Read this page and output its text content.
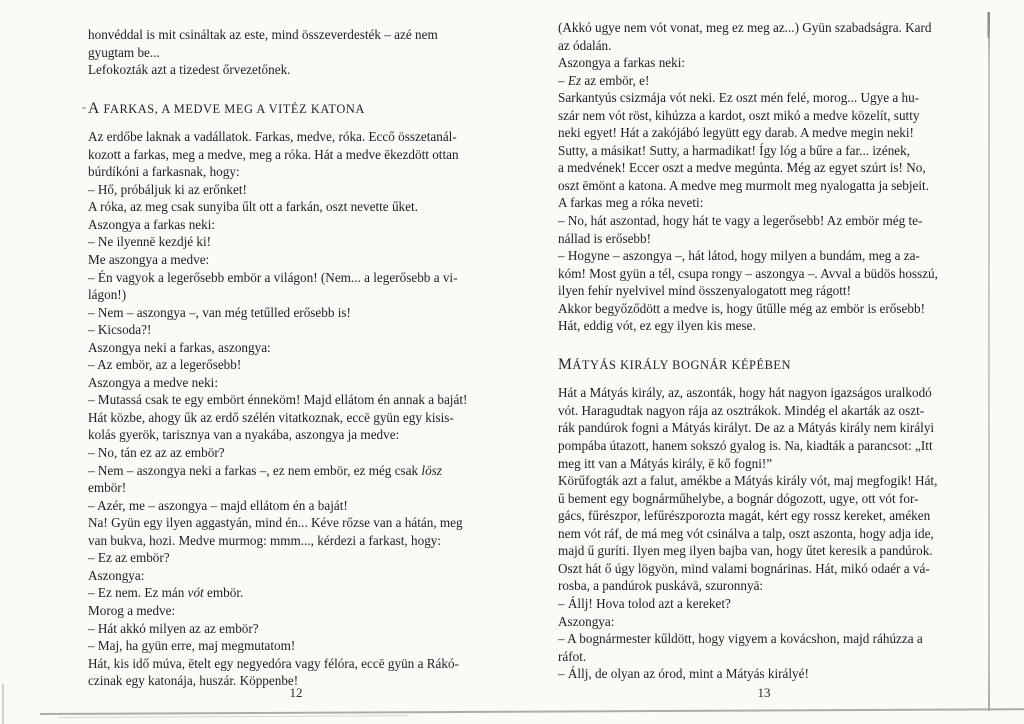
honvéddal is mit csináltak az este, mind összeverdesték – azé nem
gyugtam be...
Lefokozták azt a tizedest őrvezetőnek.
A FARKAS, A MEDVE MEG A VITÉZ KATONA
Az erdőbe laknak a vadállatok. Farkas, medve, róka. Eccő összetanál-
kozott a farkas, meg a medve, meg a róka. Hát a medve ēkezdött ottan
búrdíkóni a farkasnak, hogy:
– Hő, próbáljuk ki az erőnket!
A róka, az meg csak sunyiba űlt ott a farkán, oszt nevette űket.
Aszongya a farkas neki:
– Ne ilyennē kezdjé ki!
Me aszongya a medve:
– Én vagyok a legerősebb embör a világon! (Nem... a legerősebb a vi-
lágon!)
– Nem – aszongya –, van még tetűlled erősebb is!
– Kicsoda?!
Aszongya neki a farkas, aszongya:
– Az embör, az a legerősebb!
Aszongya a medve neki:
– Mutassá csak te egy embört énneköm! Majd ellátom én annak a baját!
Hát közbe, ahogy űk az erdő szélén vitatkoznak, eccē gyün egy kisis-
kolás gyerök, tarisznya van a nyakába, aszongya ja medve:
– No, tán ez az az embör?
– Nem – aszongya neki a farkas –, ez nem embör, ez még csak lösz
embör!
– Azér, me – aszongya – majd ellátom én a baját!
Na! Gyün egy ilyen aggastyán, mind én... Kéve rőzse van a hátán, meg
van bukva, hozi. Medve murmog: mmm..., kérdezi a farkast, hogy:
– Ez az embör?
Aszongya:
– Ez nem. Ez mán vót embör.
Morog a medve:
– Hát akkó milyen az az embör?
– Maj, ha gyün erre, maj megmutatom!
Hát, kis idő múva, ētelt egy negyedóra vagy félóra, eccē gyün a Rákó-
czinak egy katonája, huszár. Köppenbe!
12
(Akkó ugye nem vót vonat, meg ez meg az...) Gyün szabadságra. Kard
az ódalán.
Aszongya a farkas neki:
– Ez az embör, e!
Sarkantyús csizmája vót neki. Ez oszt mén felé, morog... Ugye a hu-
szár nem vót röst, kihúzza a kardot, oszt mikó a medve közelít, sutty
neki egyet! Hát a zakójábó legyütt egy darab. A medve megin neki!
Sutty, a másikat! Sutty, a harmadikat! Így lóg a bűre a far... izének,
a medvének! Eccer oszt a medve megúnta. Még az egyet szúrt is! No,
oszt ēmönt a katona. A medve meg murmolt meg nyalogatta ja sebjeit.
A farkas meg a róka neveti:
– No, hát aszontad, hogy hát te vagy a legerősebb! Az embör még te-
nállad is erősebb!
– Hogyne – aszongya –, hát látod, hogy milyen a bundám, meg a za-
kóm! Most gyün a tél, csupa rongy – aszongya –. Avval a büdös hosszú,
ilyen fehír nyelvivel mind összenyalogatott meg rágott!
Akkor begyőződött a medve is, hogy űtűlle még az embör is erősebb!
Hát, eddig vót, ez egy ilyen kis mese.
MÁTYÁS KIRÁLY BOGNÁR KÉPÉBEN
Hát a Mátyás király, az, aszonták, hogy hát nagyon igazságos uralkodó
vót. Haragudtak nagyon rája az osztrákok. Mindég el akarták az oszt-
rák pandúrok fogni a Mátyás királyt. De az a Mátyás király nem királyi
pompába útazott, hanem sokszó gyalog is. Na, kiadták a parancsot: „Itt
meg itt van a Mátyás király, ē kő fogni!”
Körűfogták azt a falut, amékbe a Mátyás király vót, maj megfogik! Hát,
ű bement egy bognárműhelybe, a bognár dógozott, ugye, ott vót for-
gács, fűrészpor, lefűrészporozta magát, kért egy rossz kereket, améken
nem vót ráf, de má meg vót csinálva a talp, oszt aszonta, hogy adja ide,
majd ű guríti. Ilyen meg ilyen bajba van, hogy űtet keresik a pandúrok.
Oszt hát ő úgy lögyön, mind valami bognárinas. Hát, mikó odaér a vá-
rosba, a pandúrok puskávā, szuronnyā:
– Állj! Hova tolod azt a kereket?
Aszongya:
– A bognármester kűldött, hogy vigyem a kovácshon, majd ráhúzza a
ráfot.
– Állj, de olyan az órod, mint a Mátyás királyé!
13
